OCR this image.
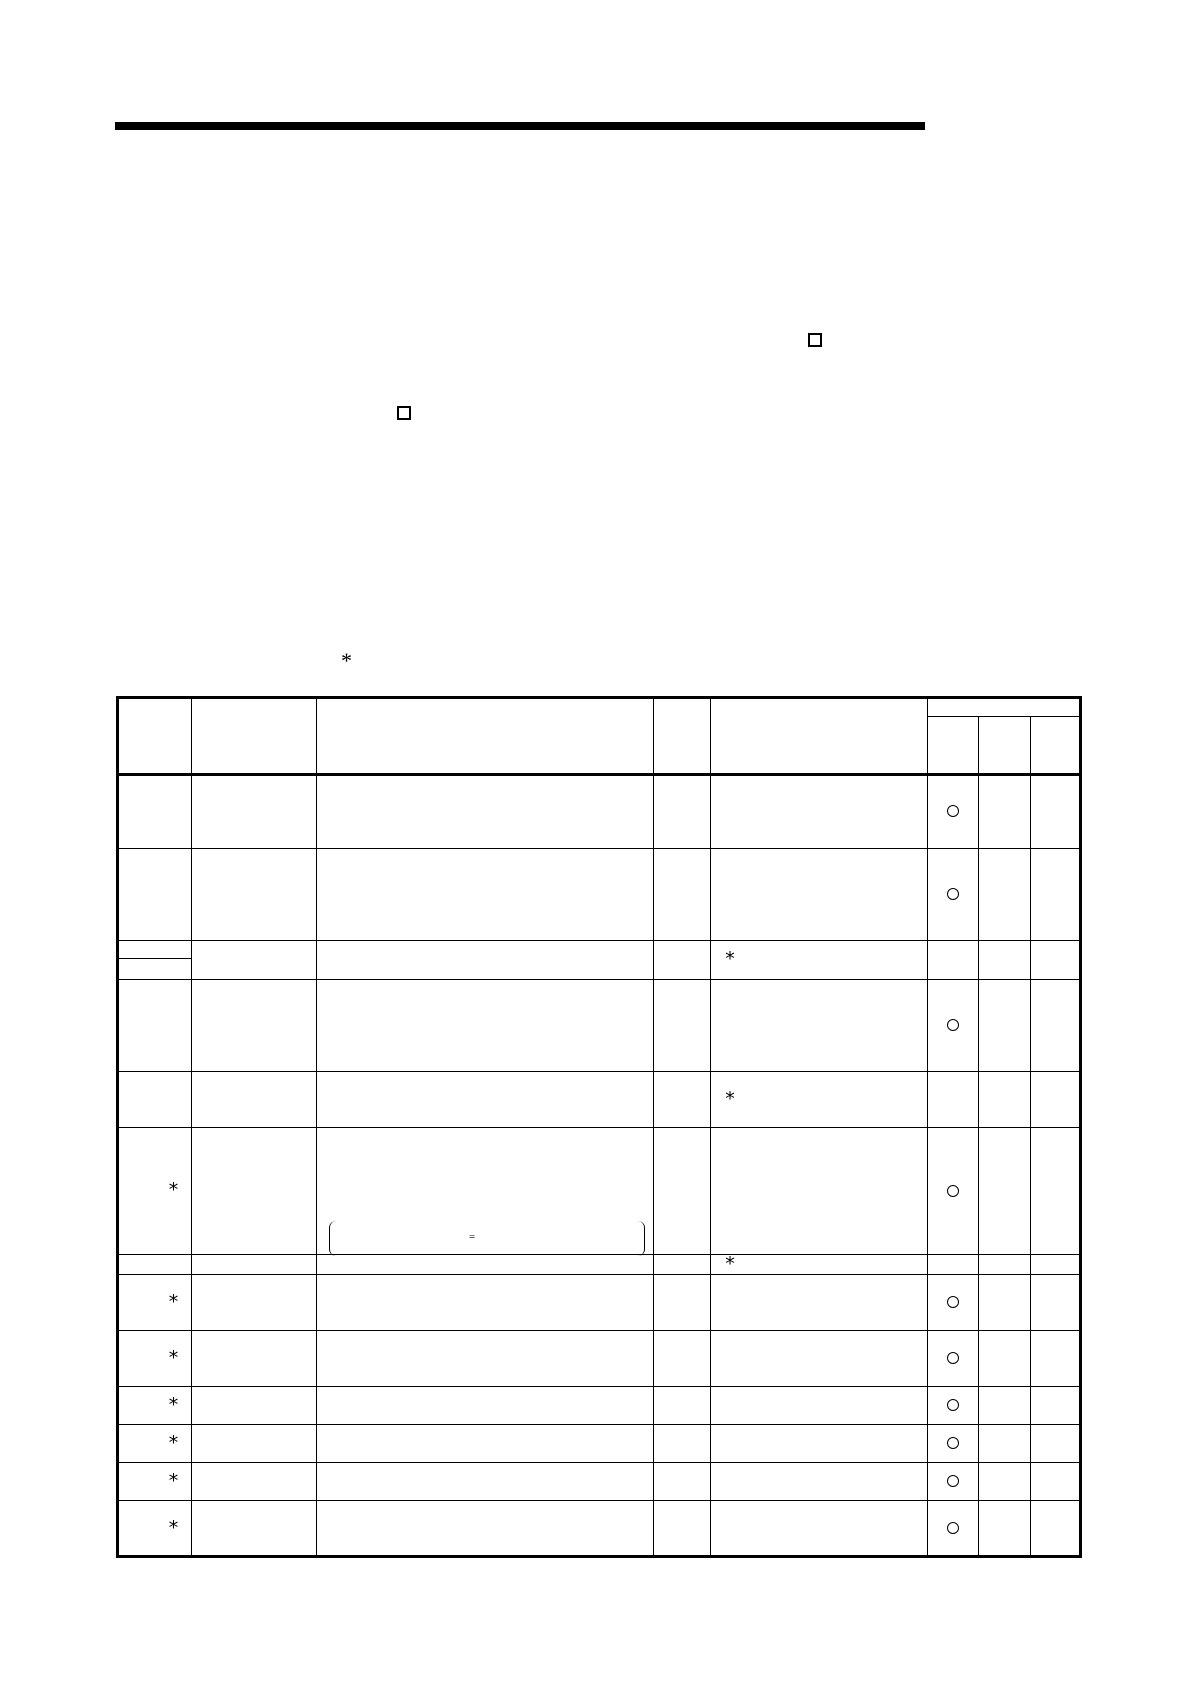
*
*
*
*
=
*
*
*
*
*
*
*
